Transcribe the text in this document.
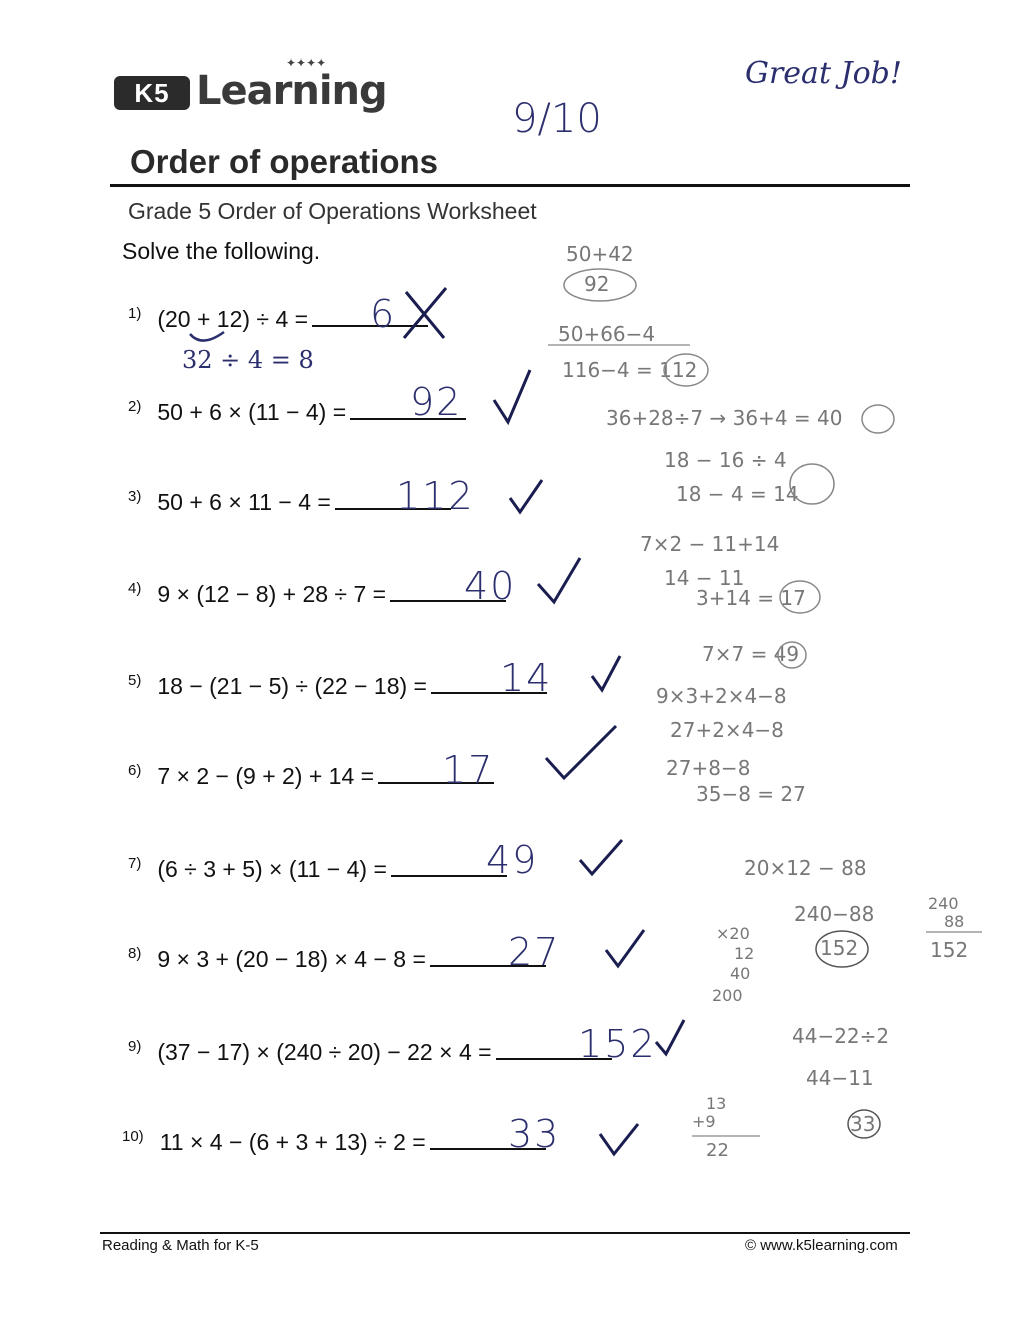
K5 Learning
✦✦✦✦
9/10
Great Job!
Order of operations
Grade 5 Order of Operations Worksheet
Solve the following.
$^{1)}$ (20 + 12) ÷ 4 =
$^{2)}$ 50 + 6 × (11 − 4) =
$^{3)}$ 50 + 6 × 11 − 4 =
$^{4)}$ 9 × (12 − 8) + 28 ÷ 7 =
$^{5)}$ 18 − (21 − 5) ÷ (22 − 18) =
$^{6)}$ 7 × 2 − (9 + 2) + 14 =
$^{7)}$ (6 ÷ 3 + 5) × (11 − 4) =
$^{8)}$ 9 × 3 + (20 − 18) × 4 − 8 =
$^{9)}$ (37 − 17) × (240 ÷ 20) − 22 × 4 =
$^{10)}$ 11 × 4 − (6 + 3 + 13) ÷ 2 =
6
92
112
40
14
17
49
27
152
33
32 ÷ 4 = 8
50+42
92
50+66−4
116−4 = 112
36+28÷7 → 36+4 = 40
18 − 16 ÷ 4
18 − 4 = 14
7×2 − 11+14
14 − 11
3+14 = 17
7×7 = 49
9×3+2×4−8
27+2×4−8
27+8−8
35−8 = 27
20×12 − 88
240−88
152
240
88
152
×20
12
40
200
44−22÷2
44−11
33
13
+9
22
Reading & Math for K-5	© www.k5learning.com
